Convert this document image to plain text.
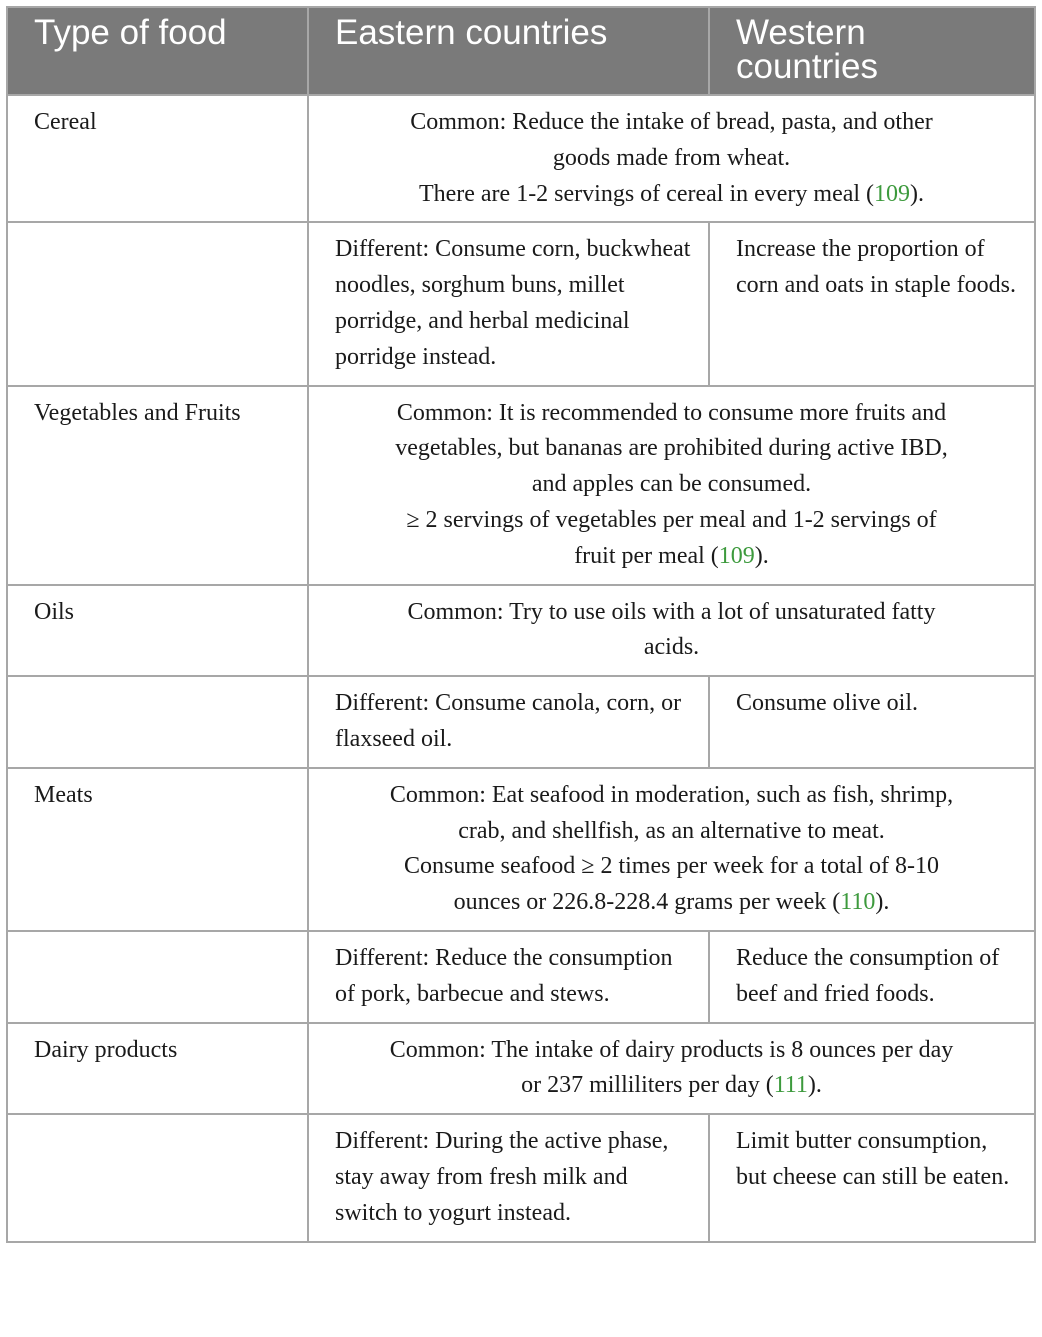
Type of food	Eastern countries	Western
countries
Cereal	Common: Reduce the intake of bread, pasta, and other
goods made from wheat.
There are 1-2 servings of cereal in every meal (109).	

	Different: Consume corn, buckwheat noodles, sorghum buns, millet porridge, and herbal medicinal porridge instead.	Increase the proportion of corn and oats in staple foods.
Vegetables and Fruits	Common: It is recommended to consume more fruits and
vegetables, but bananas are prohibited during active IBD,
and apples can be consumed.
≥ 2 servings of vegetables per meal and 1-2 servings of
fruit per meal (109).	

Oils	Common: Try to use oils with a lot of unsaturated fatty
acids.	

	Different: Consume canola, corn, or flaxseed oil.	Consume olive oil.
Meats	Common: Eat seafood in moderation, such as fish, shrimp,
crab, and shellfish, as an alternative to meat.
Consume seafood ≥ 2 times per week for a total of 8-10
ounces or 226.8-228.4 grams per week (110).	

	Different: Reduce the consumption of pork, barbecue and stews.	Reduce the consumption of beef and fried foods.
Dairy products	Common: The intake of dairy products is 8 ounces per day
or 237 milliliters per day (111).	

	Different: During the active phase, stay away from fresh milk and switch to yogurt instead.	Limit butter consumption, but cheese can still be eaten.
